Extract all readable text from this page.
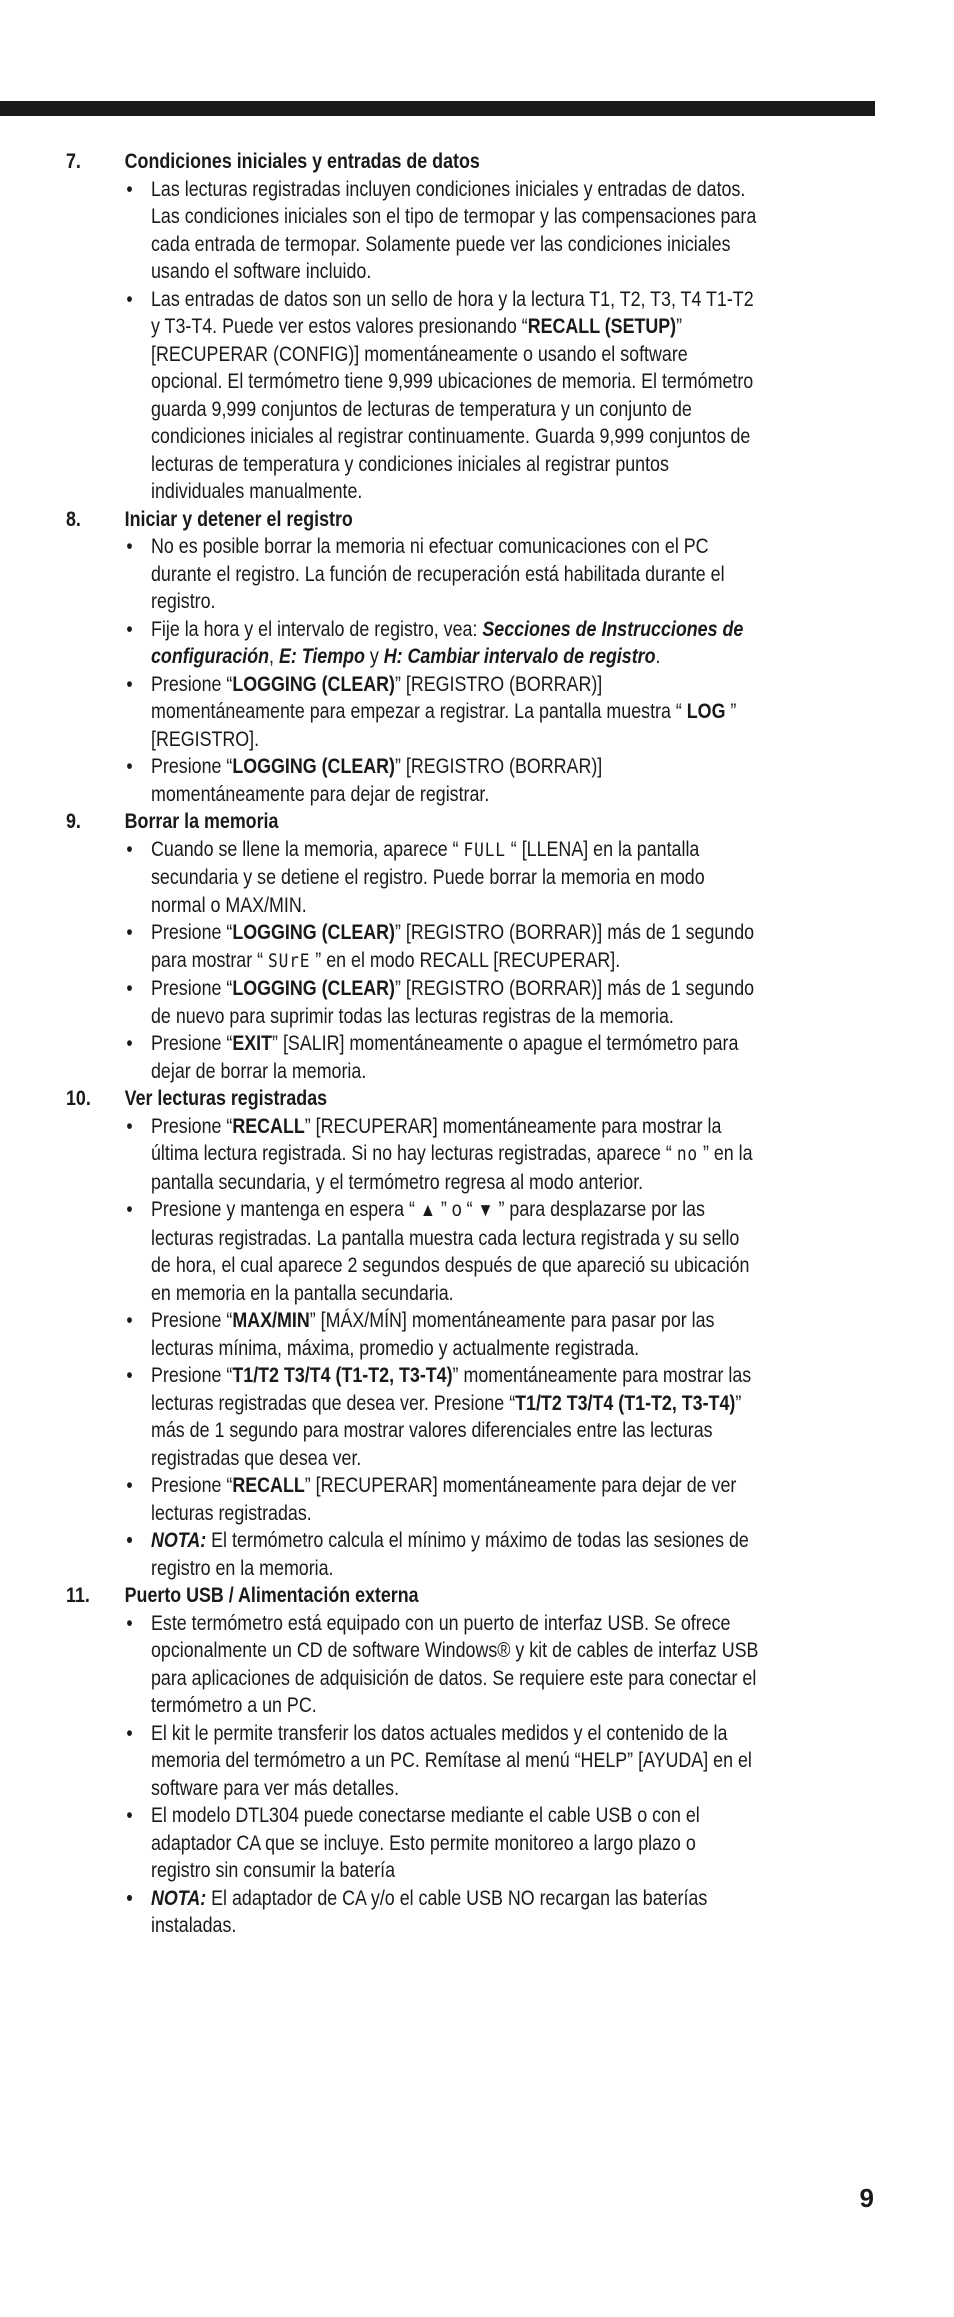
7.	Condiciones iniciales y entradas de datos
• Las lecturas registradas incluyen condiciones iniciales y entradas de datos. Las condiciones iniciales son el tipo de termopar y las compensaciones para cada entrada de termopar. Solamente puede ver las condiciones iniciales usando el software incluido.
• Las entradas de datos son un sello de hora y la lectura T1, T2, T3, T4 T1-T2 y T3-T4. Puede ver estos valores presionando “RECALL (SETUP)” [RECUPERAR (CONFIG)] momentáneamente o usando el software opcional. El termómetro tiene 9,999 ubicaciones de memoria. El termómetro guarda 9,999 conjuntos de lecturas de temperatura y un conjunto de condiciones iniciales al registrar continuamente. Guarda 9,999 conjuntos de lecturas de temperatura y condiciones iniciales al registrar puntos individuales manualmente.
8.	Iniciar y detener el registro
• No es posible borrar la memoria ni efectuar comunicaciones con el PC durante el registro. La función de recuperación está habilitada durante el registro.
• Fije la hora y el intervalo de registro, vea: Secciones de Instrucciones de configuración, E: Tiempo y H: Cambiar intervalo de registro.
• Presione “LOGGING (CLEAR)” [REGISTRO (BORRAR)] momentáneamente para empezar a registrar. La pantalla muestra “ LOG ” [REGISTRO].
• Presione “LOGGING (CLEAR)” [REGISTRO (BORRAR)] momentáneamente para dejar de registrar.
9.	Borrar la memoria
• Cuando se llene la memoria, aparece “ FULL “ [LLENA] en la pantalla secundaria y se detiene el registro. Puede borrar la memoria en modo normal o MAX/MIN.
• Presione “LOGGING (CLEAR)” [REGISTRO (BORRAR)] más de 1 segundo para mostrar “ SUrE ” en el modo RECALL [RECUPERAR].
• Presione “LOGGING (CLEAR)” [REGISTRO (BORRAR)] más de 1 segundo de nuevo para suprimir todas las lecturas registras de la memoria.
• Presione “EXIT” [SALIR] momentáneamente o apague el termómetro para dejar de borrar la memoria.
10.	Ver lecturas registradas
• Presione “RECALL” [RECUPERAR] momentáneamente para mostrar la última lectura registrada. Si no hay lecturas registradas, aparece “ no ” en la pantalla secundaria, y el termómetro regresa al modo anterior.
• Presione y mantenga en espera “ ▲ ” o “ ▼ ” para desplazarse por las lecturas registradas. La pantalla muestra cada lectura registrada y su sello de hora, el cual aparece 2 segundos después de que apareció su ubicación en memoria en la pantalla secundaria.
• Presione “MAX/MIN” [MÁX/MÍN] momentáneamente para pasar por las lecturas mínima, máxima, promedio y actualmente registrada.
• Presione “T1/T2 T3/T4 (T1-T2, T3-T4)” momentáneamente para mostrar las lecturas registradas que desea ver. Presione “T1/T2 T3/T4 (T1-T2, T3-T4)” más de 1 segundo para mostrar valores diferenciales entre las lecturas registradas que desea ver.
• Presione “RECALL” [RECUPERAR] momentáneamente para dejar de ver lecturas registradas.
• NOTA: El termómetro calcula el mínimo y máximo de todas las sesiones de registro en la memoria.
11.	Puerto USB / Alimentación externa
• Este termómetro está equipado con un puerto de interfaz USB. Se ofrece opcionalmente un CD de software Windows® y kit de cables de interfaz USB para aplicaciones de adquisición de datos. Se requiere este para conectar el termómetro a un PC.
• El kit le permite transferir los datos actuales medidos y el contenido de la memoria del termómetro a un PC. Remítase al menú “HELP” [AYUDA] en el software para ver más detalles.
• El modelo DTL304 puede conectarse mediante el cable USB o con el adaptador CA que se incluye. Esto permite monitoreo a largo plazo o registro sin consumir la batería
• NOTA: El adaptador de CA y/o el cable USB NO recargan las baterías instaladas.
9
